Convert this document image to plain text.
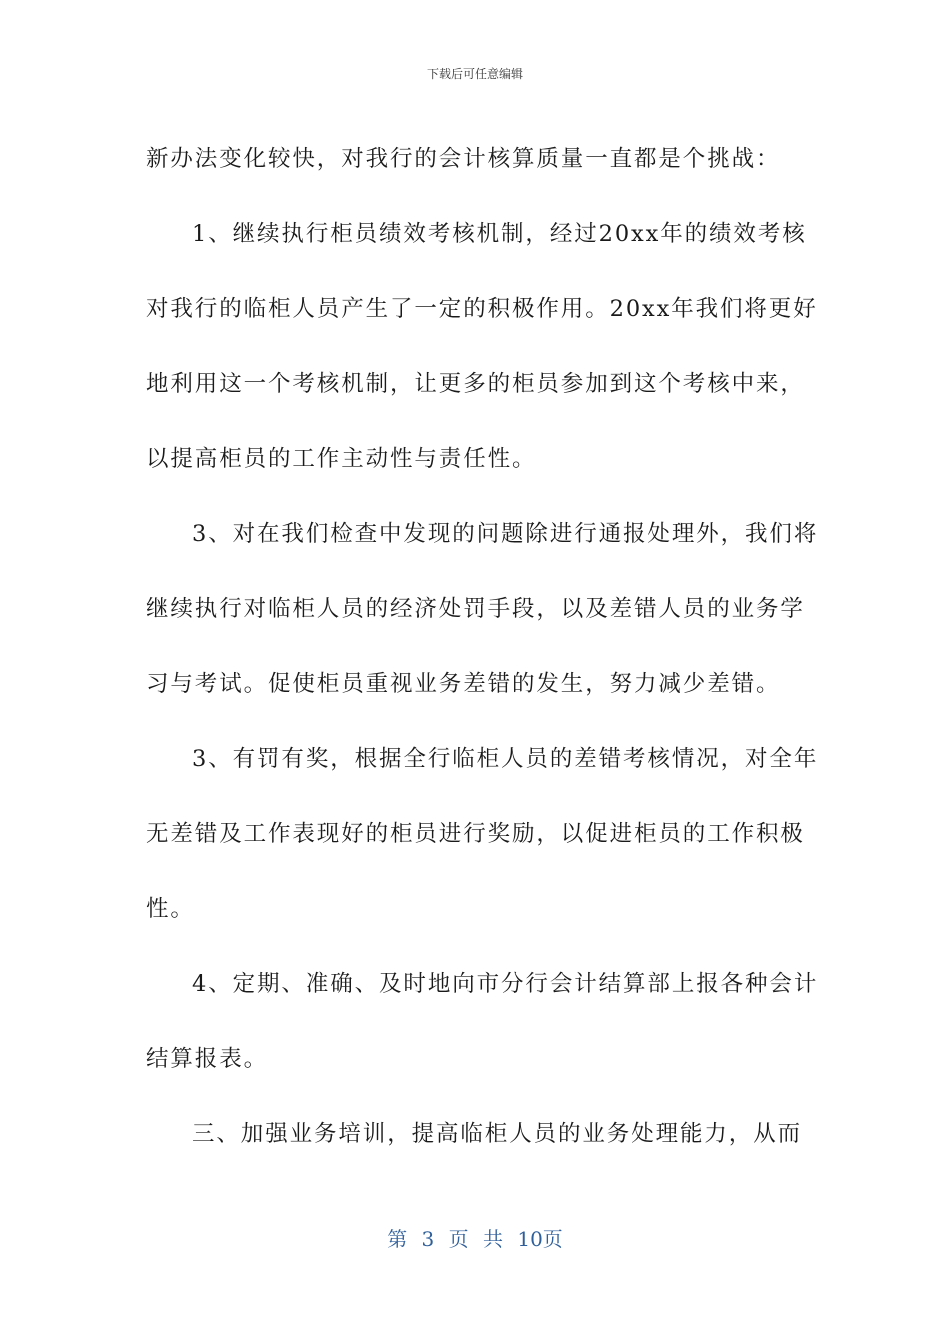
下载后可任意编辑
新办法变化较快，对我行的会计核算质量一直都是个挑战：
1、继续执行柜员绩效考核机制，经过20xx年的绩效考核
对我行的临柜人员产生了一定的积极作用。20xx年我们将更好
地利用这一个考核机制，让更多的柜员参加到这个考核中来，
以提高柜员的工作主动性与责任性。
3、对在我们检查中发现的问题除进行通报处理外，我们将
继续执行对临柜人员的经济处罚手段，以及差错人员的业务学
习与考试。促使柜员重视业务差错的发生，努力减少差错。
3、有罚有奖，根据全行临柜人员的差错考核情况，对全年
无差错及工作表现好的柜员进行奖励，以促进柜员的工作积极
性。
4、定期、准确、及时地向市分行会计结算部上报各种会计
结算报表。
三、加强业务培训，提高临柜人员的业务处理能力，从而
第 3 页 共 10页
